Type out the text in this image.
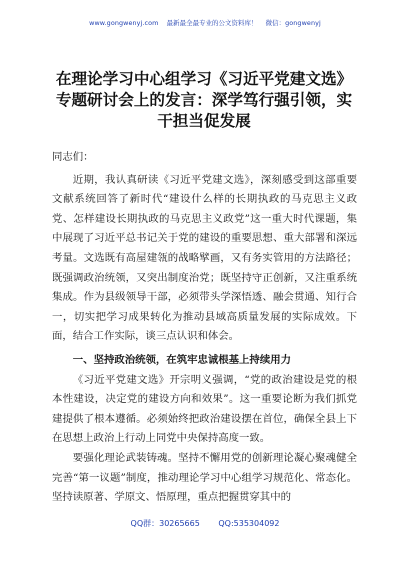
www.gongwenyj.com 最新最全最专业的公文资料库！ 微信：gongwenyj
在理论学习中心组学习《习近平党建文选》专题研讨会上的发言：深学笃行强引领，实干担当促发展

同志们：

近期，我认真研读《习近平党建文选》，深刻感受到这部重要文献系统回答了新时代“建设什么样的长期执政的马克思主义政党、怎样建设长期执政的马克思主义政党”这一重大时代课题，集中展现了习近平总书记关于党的建设的重要思想、重大部署和深远考量。文选既有高屋建瓴的战略擘画，又有务实管用的方法路径；既强调政治统领，又突出制度治党；既坚持守正创新，又注重系统集成。作为县级领导干部，必须带头学深悟透、融会贯通、知行合一，切实把学习成果转化为推动县域高质量发展的实际成效。下面，结合工作实际，谈三点认识和体会。

一、坚持政治统领，在筑牢忠诚根基上持续用力

《习近平党建文选》开宗明义强调，“党的政治建设是党的根本性建设，决定党的建设方向和效果”。这一重要论断为我们抓党建提供了根本遵循。必须始终把政治建设摆在首位，确保全县上下在思想上政治上行动上同党中央保持高度一致。

要强化理论武装铸魂。坚持不懈用党的创新理论凝心聚魂健全完善“第一议题”制度，推动理论学习中心组学习规范化、常态化。坚持读原著、学原文、悟原理，重点把握贯穿其中的

QQ群：30265665 QQ:535304092
